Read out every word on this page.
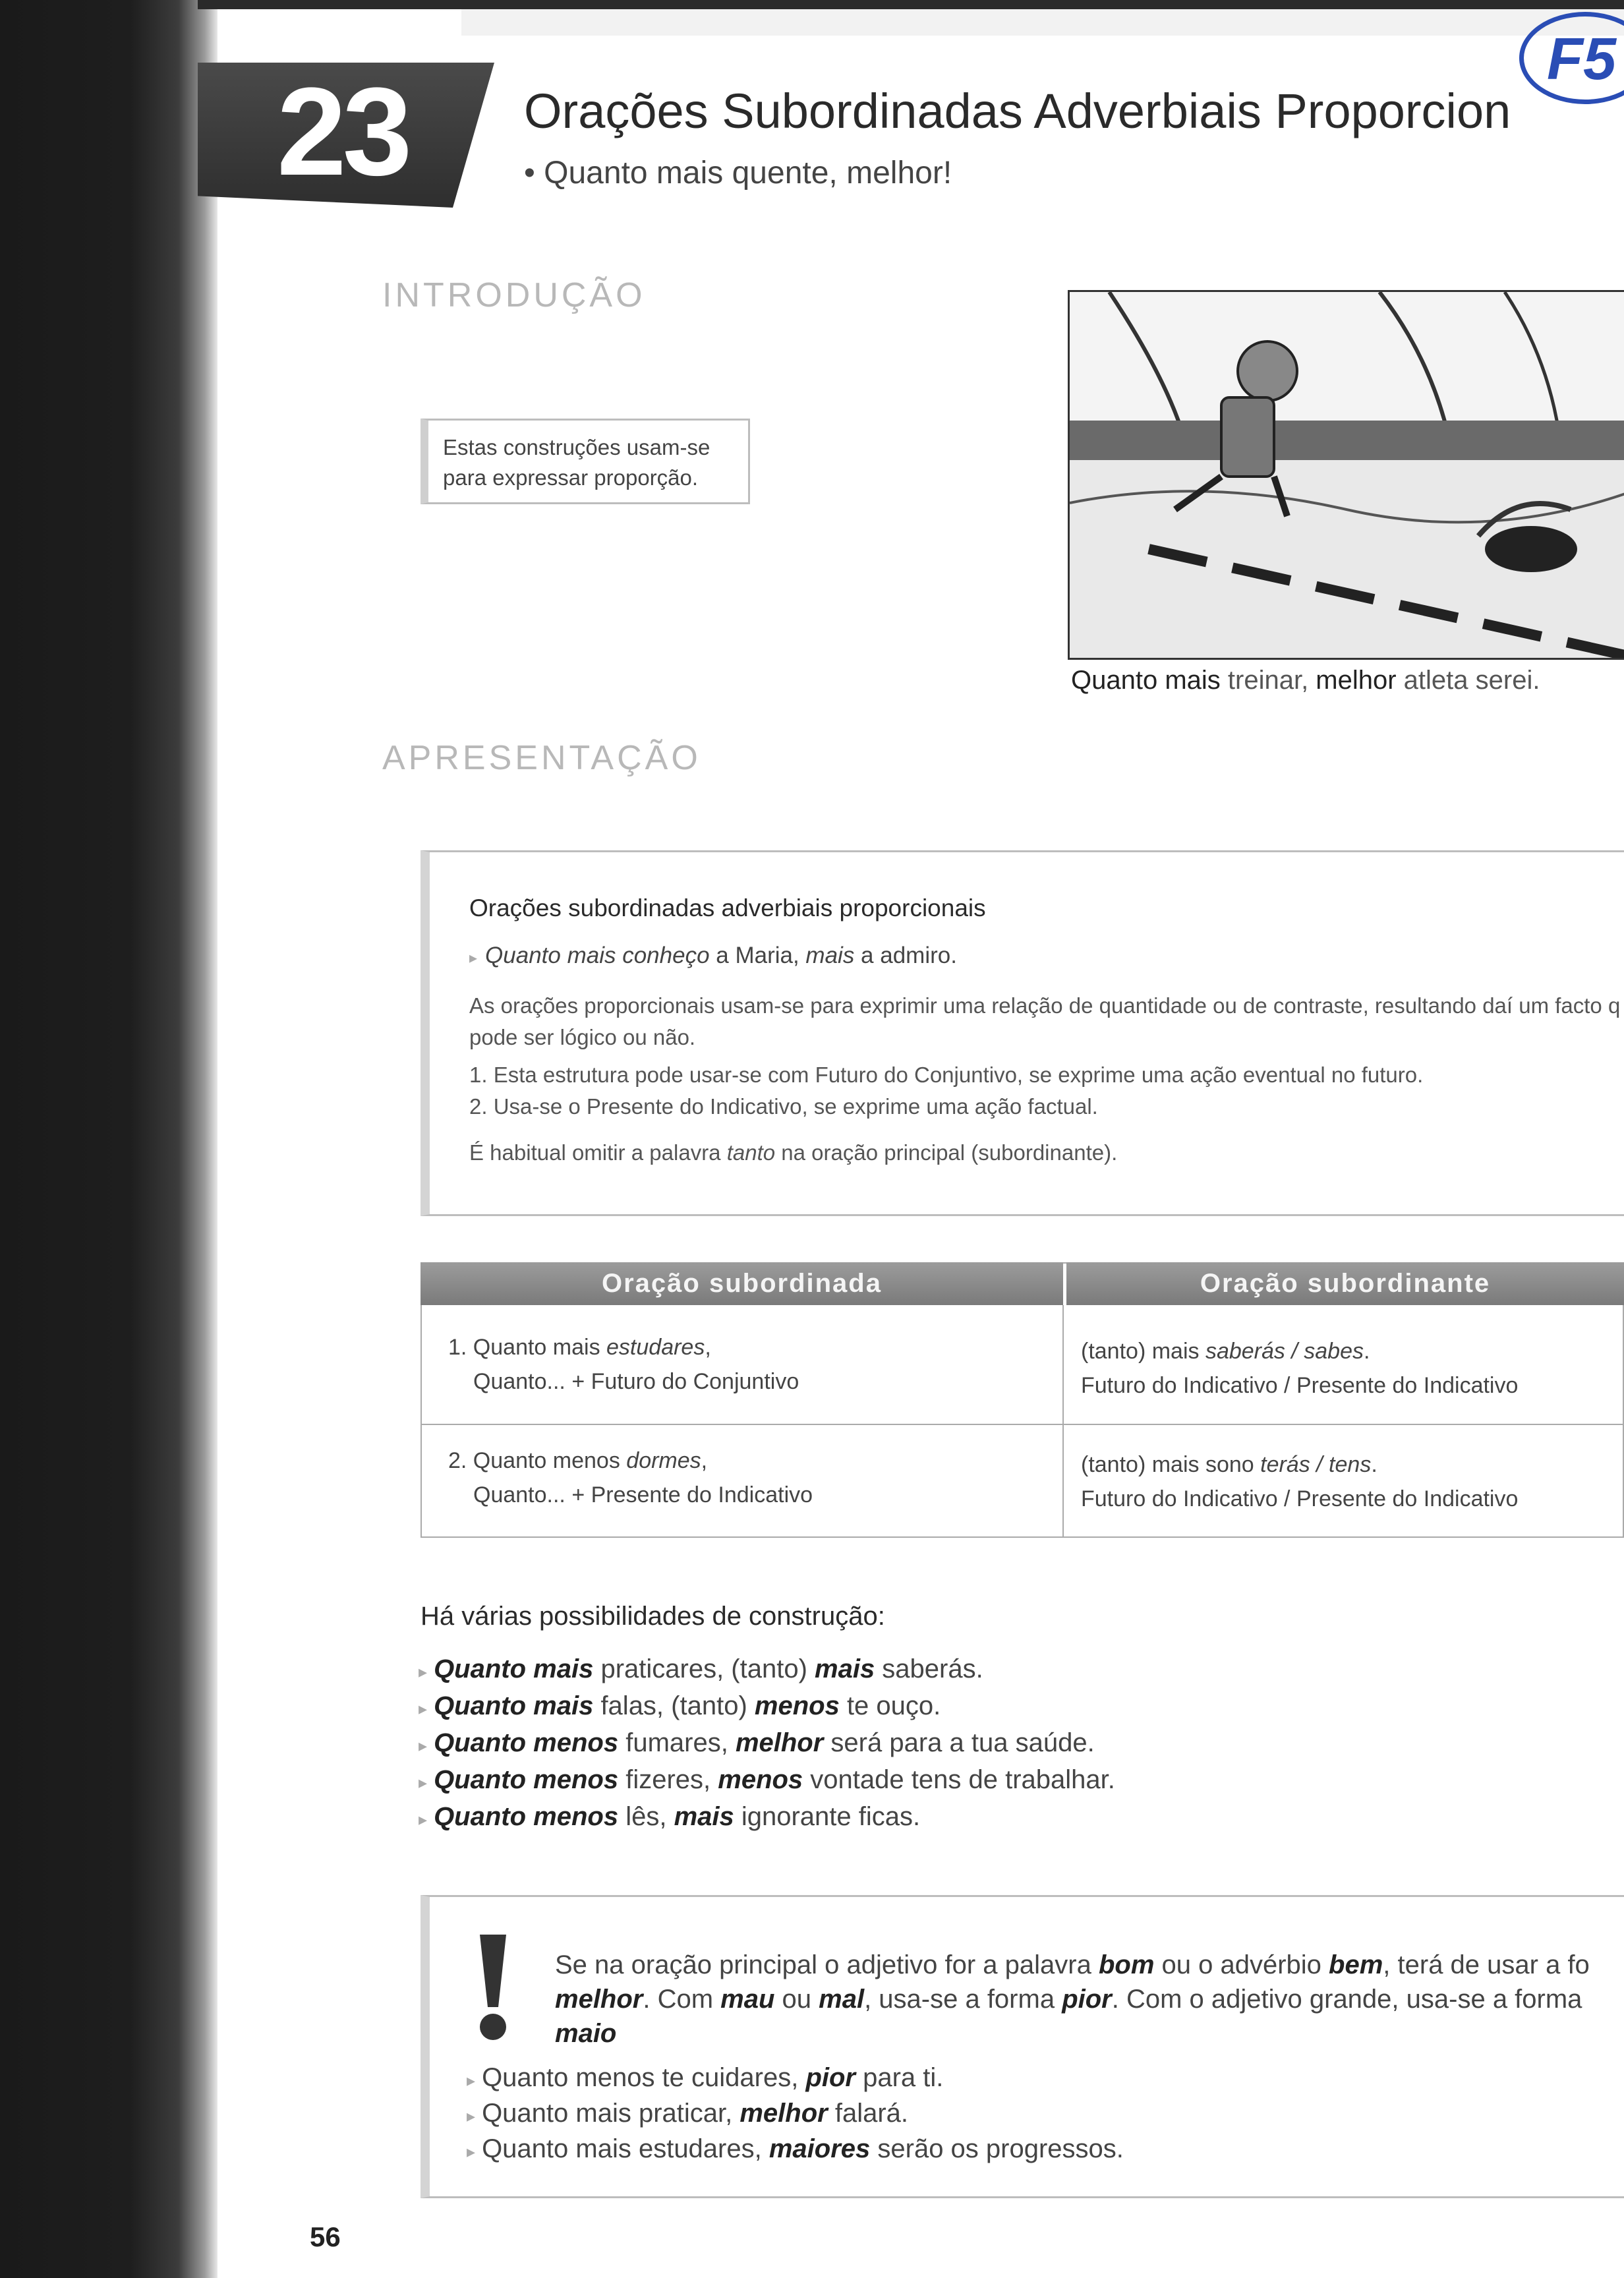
23 Orações Subordinadas Adverbiais Proporcion
• Quanto mais quente, melhor!
F5
INTRODUÇÃO
Estas construções usam-se para expressar proporção.
Quanto mais treinar, melhor atleta serei.
APRESENTAÇÃO
Orações subordinadas adverbiais proporcionais
▸ Quanto mais conheço a Maria, mais a admiro.
As orações proporcionais usam-se para exprimir uma relação de quantidade ou de contraste, resultando daí um facto q pode ser lógico ou não.
1. Esta estrutura pode usar-se com Futuro do Conjuntivo, se exprime uma ação eventual no futuro.
2. Usa-se o Presente do Indicativo, se exprime uma ação factual.
É habitual omitir a palavra tanto na oração principal (subordinante).
Oração subordinada	Oração subordinante
1. Quanto mais estudares,
Quanto... + Futuro do Conjuntivo
(tanto) mais saberás / sabes.
Futuro do Indicativo / Presente do Indicativo
2. Quanto menos dormes,
Quanto... + Presente do Indicativo
(tanto) mais sono terás / tens.
Futuro do Indicativo / Presente do Indicativo
Há várias possibilidades de construção:
▸ Quanto mais praticares, (tanto) mais saberás.
▸ Quanto mais falas, (tanto) menos te ouço.
▸ Quanto menos fumares, melhor será para a tua saúde.
▸ Quanto menos fizeres, menos vontade tens de trabalhar.
▸ Quanto menos lês, mais ignorante ficas.
Se na oração principal o adjetivo for a palavra bom ou o advérbio bem, terá de usar a fo melhor. Com mau ou mal, usa-se a forma pior. Com o adjetivo grande, usa-se a forma maio
▸ Quanto menos te cuidares, pior para ti.
▸ Quanto mais praticar, melhor falará.
▸ Quanto mais estudares, maiores serão os progressos.
56
